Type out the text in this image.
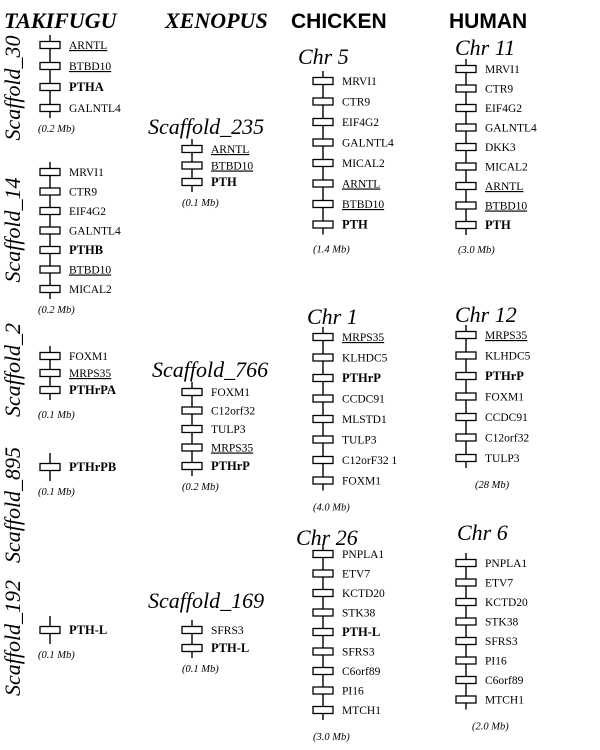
TAKIFUGU XENOPUS CHICKEN	HUMAN
ARNTL
BTBD10
PTHA
GALNTL4
Scaffold_30 (0.2 Mb)
MRVI1
CTR9
EIF4G2
GALNTL4
PTHB
BTBD10
MICAL2
Scaffold_14
(0.2 Mb)
FOXM1
MRPS35
PTHrPA
Scaffold_2 (0.1 Mb)
PTHrPB
Scaffold_895 (0.1 Mb)
PTH-L
Scaffold_192 (0.1 Mb)
ARNTL
BTBD10
PTH
Scaffold_235
(0.1 Mb)
FOXM1
C12orf32
TULP3
MRPS35
PTHrP
Scaffold_766
(0.2 Mb)
SFRS3
PTH-L
Scaffold_169
(0.1 Mb)
MRVI1
CTR9
EIF4G2
GALNTL4
MICAL2
ARNTL
BTBD10
PTH
Chr 5
(1.4 Mb)
MRPS35
KLHDC5
PTHrP
CCDC91
MLSTD1
TULP3
C12orF32 1
FOXM1
Chr 1
(4.0 Mb)
PNPLA1
ETV7
KCTD20
STK38
PTH-L
SFRS3
C6orf89
PI16
MTCH1
Chr 26
(3.0 Mb)
MRVI1
CTR9
EIF4G2
GALNTL4
DKK3
MICAL2
ARNTL
BTBD10
PTH
Chr 11
(3.0 Mb)
MRPS35
KLHDC5
PTHrP
FOXM1
CCDC91
C12orf32
TULP3
Chr 12
(28 Mb)
PNPLA1
ETV7
KCTD20
STK38
SFRS3
PI16
C6orf89
MTCH1
Chr 6
(2.0 Mb)
